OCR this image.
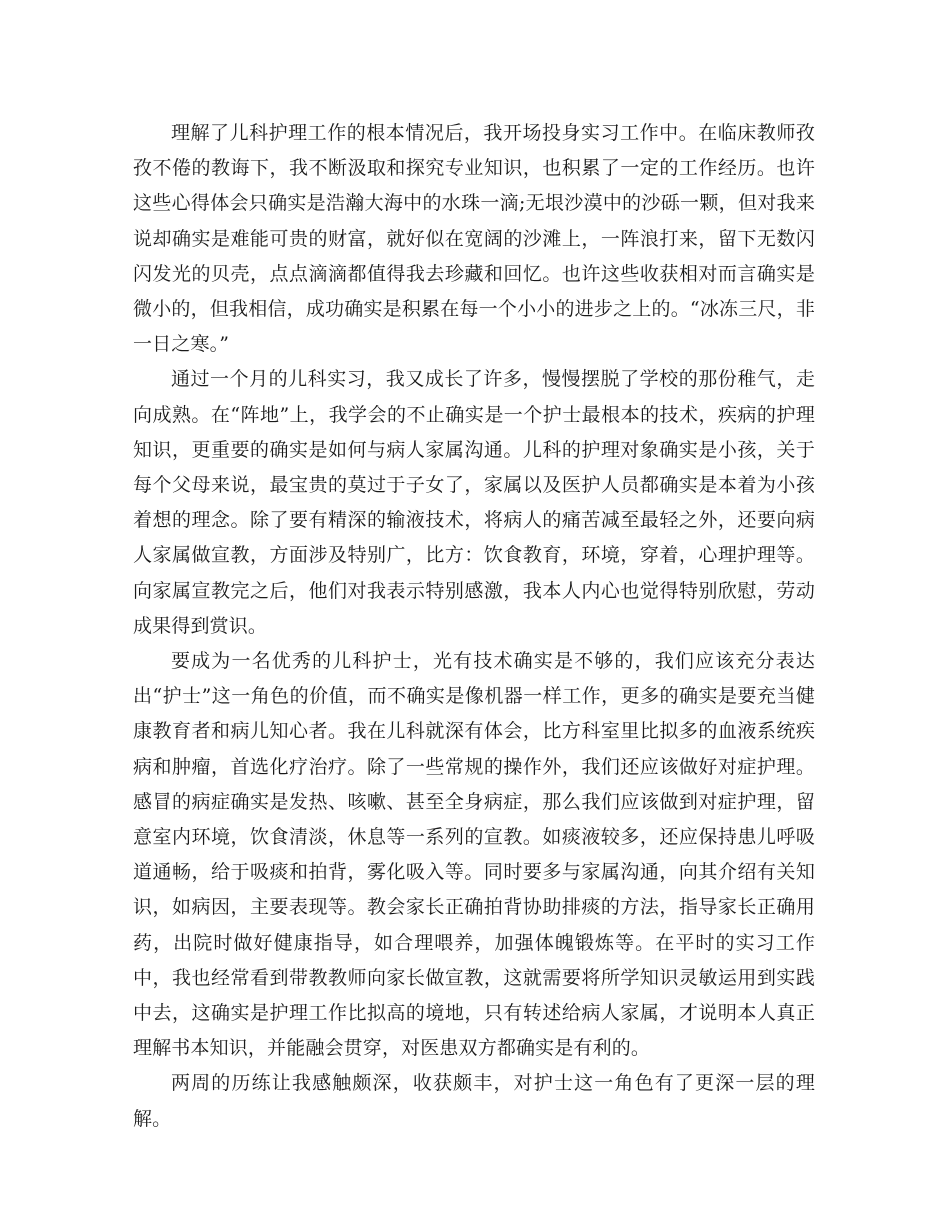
理解了儿科护理工作的根本情况后，我开场投身实习工作中。在临床教师孜孜不倦的教诲下，我不断汲取和探究专业知识，也积累了一定的工作经历。也许这些心得体会只确实是浩瀚大海中的水珠一滴;无垠沙漠中的沙砾一颗，但对我来说却确实是难能可贵的财富，就好似在宽阔的沙滩上，一阵浪打来，留下无数闪闪发光的贝壳，点点滴滴都值得我去珍藏和回忆。也许这些收获相对而言确实是微小的，但我相信，成功确实是积累在每一个小小的进步之上的。“冰冻三尺，非一日之寒。”

通过一个月的儿科实习，我又成长了许多，慢慢摆脱了学校的那份稚气，走向成熟。在“阵地”上，我学会的不止确实是一个护士最根本的技术，疾病的护理知识，更重要的确实是如何与病人家属沟通。儿科的护理对象确实是小孩，关于每个父母来说，最宝贵的莫过于子女了，家属以及医护人员都确实是本着为小孩着想的理念。除了要有精深的输液技术，将病人的痛苦减至最轻之外，还要向病人家属做宣教，方面涉及特别广，比方：饮食教育，环境，穿着，心理护理等。向家属宣教完之后，他们对我表示特别感激，我本人内心也觉得特别欣慰，劳动成果得到赏识。

要成为一名优秀的儿科护士，光有技术确实是不够的，我们应该充分表达出“护士”这一角色的价值，而不确实是像机器一样工作，更多的确实是要充当健康教育者和病儿知心者。我在儿科就深有体会，比方科室里比拟多的血液系统疾病和肿瘤，首选化疗治疗。除了一些常规的操作外，我们还应该做好对症护理。感冒的病症确实是发热、咳嗽、甚至全身病症，那么我们应该做到对症护理，留意室内环境，饮食清淡，休息等一系列的宣教。如痰液较多，还应保持患儿呼吸道通畅，给于吸痰和拍背，雾化吸入等。同时要多与家属沟通，向其介绍有关知识，如病因，主要表现等。教会家长正确拍背协助排痰的方法，指导家长正确用药，出院时做好健康指导，如合理喂养，加强体魄锻炼等。在平时的实习工作中，我也经常看到带教教师向家长做宣教，这就需要将所学知识灵敏运用到实践中去，这确实是护理工作比拟高的境地，只有转述给病人家属，才说明本人真正理解书本知识，并能融会贯穿，对医患双方都确实是有利的。

两周的历练让我感触颇深，收获颇丰，对护士这一角色有了更深一层的理解。
